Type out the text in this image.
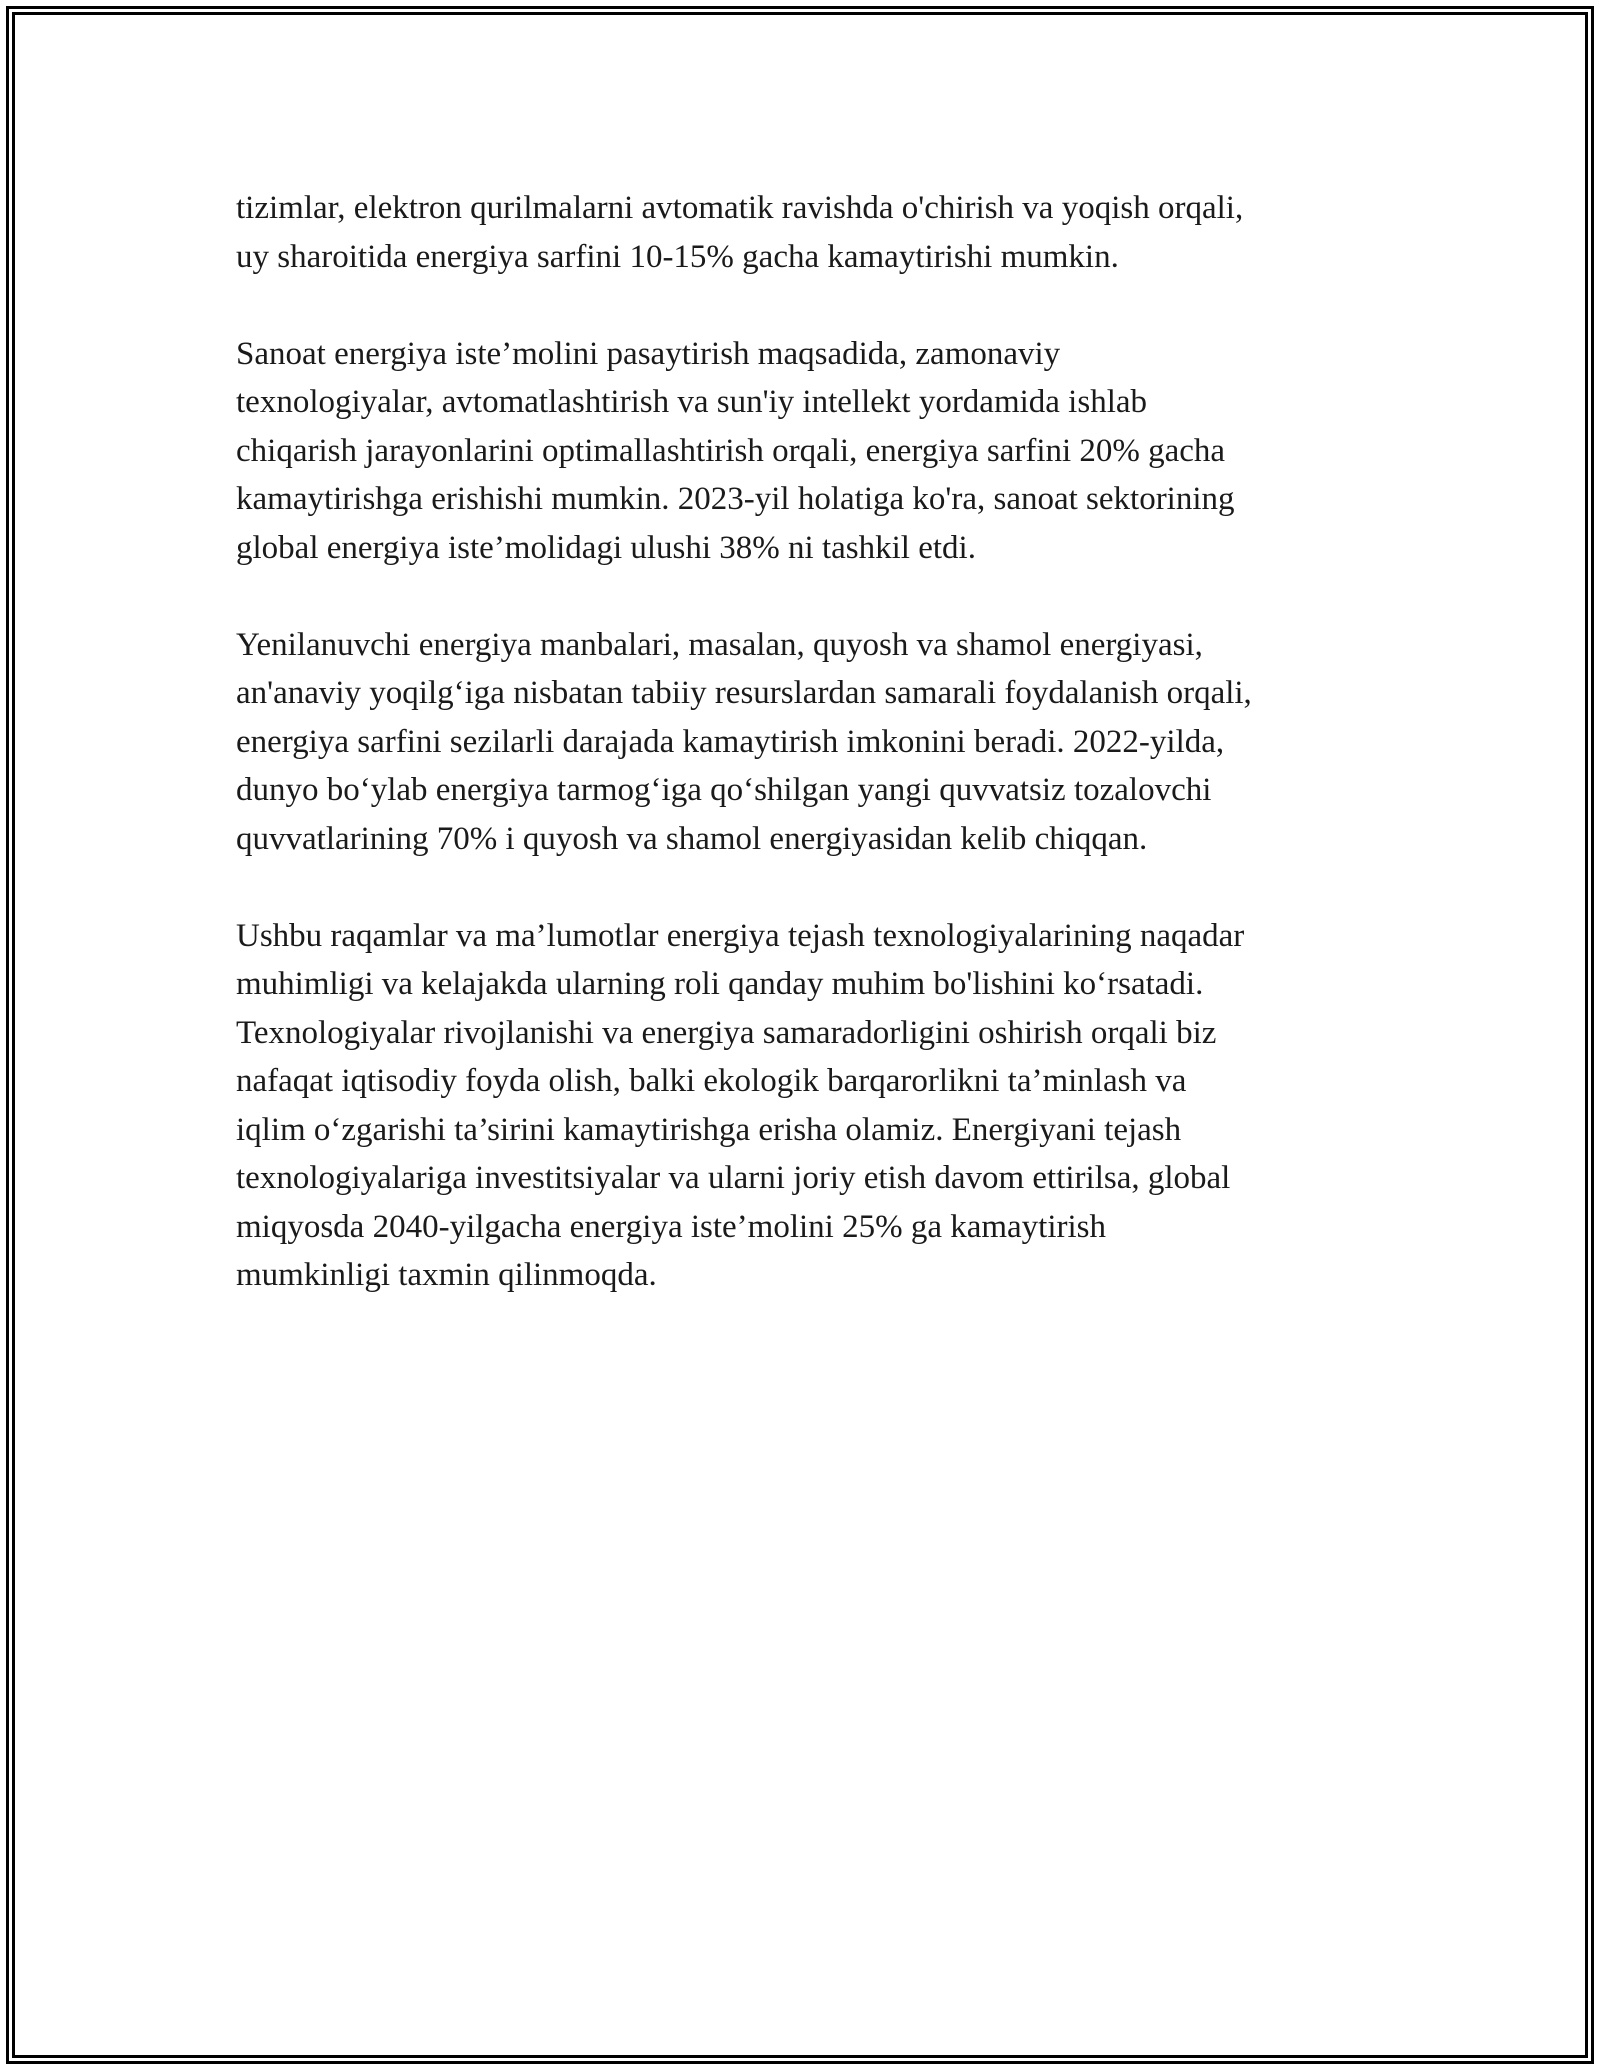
tizimlar, elektron qurilmalarni avtomatik ravishda o'chirish va yoqish orqali,
uy sharoitida energiya sarfini 10-15% gacha kamaytirishi mumkin.

Sanoat energiya iste’molini pasaytirish maqsadida, zamonaviy
texnologiyalar, avtomatlashtirish va sun'iy intellekt yordamida ishlab
chiqarish jarayonlarini optimallashtirish orqali, energiya sarfini 20% gacha
kamaytirishga erishishi mumkin. 2023-yil holatiga ko'ra, sanoat sektorining
global energiya iste’molidagi ulushi 38% ni tashkil etdi.

Yenilanuvchi energiya manbalari, masalan, quyosh va shamol energiyasi,
an'anaviy yoqilg‘iga nisbatan tabiiy resurslardan samarali foydalanish orqali,
energiya sarfini sezilarli darajada kamaytirish imkonini beradi. 2022-yilda,
dunyo bo‘ylab energiya tarmog‘iga qo‘shilgan yangi quvvatsiz tozalovchi
quvvatlarining 70% i quyosh va shamol energiyasidan kelib chiqqan.

Ushbu raqamlar va ma’lumotlar energiya tejash texnologiyalarining naqadar
muhimligi va kelajakda ularning roli qanday muhim bo'lishini ko‘rsatadi.
Texnologiyalar rivojlanishi va energiya samaradorligini oshirish orqali biz
nafaqat iqtisodiy foyda olish, balki ekologik barqarorlikni ta’minlash va
iqlim o‘zgarishi ta’sirini kamaytirishga erisha olamiz. Energiyani tejash
texnologiyalariga investitsiyalar va ularni joriy etish davom ettirilsa, global
miqyosda 2040-yilgacha energiya iste’molini 25% ga kamaytirish
mumkinligi taxmin qilinmoqda.
